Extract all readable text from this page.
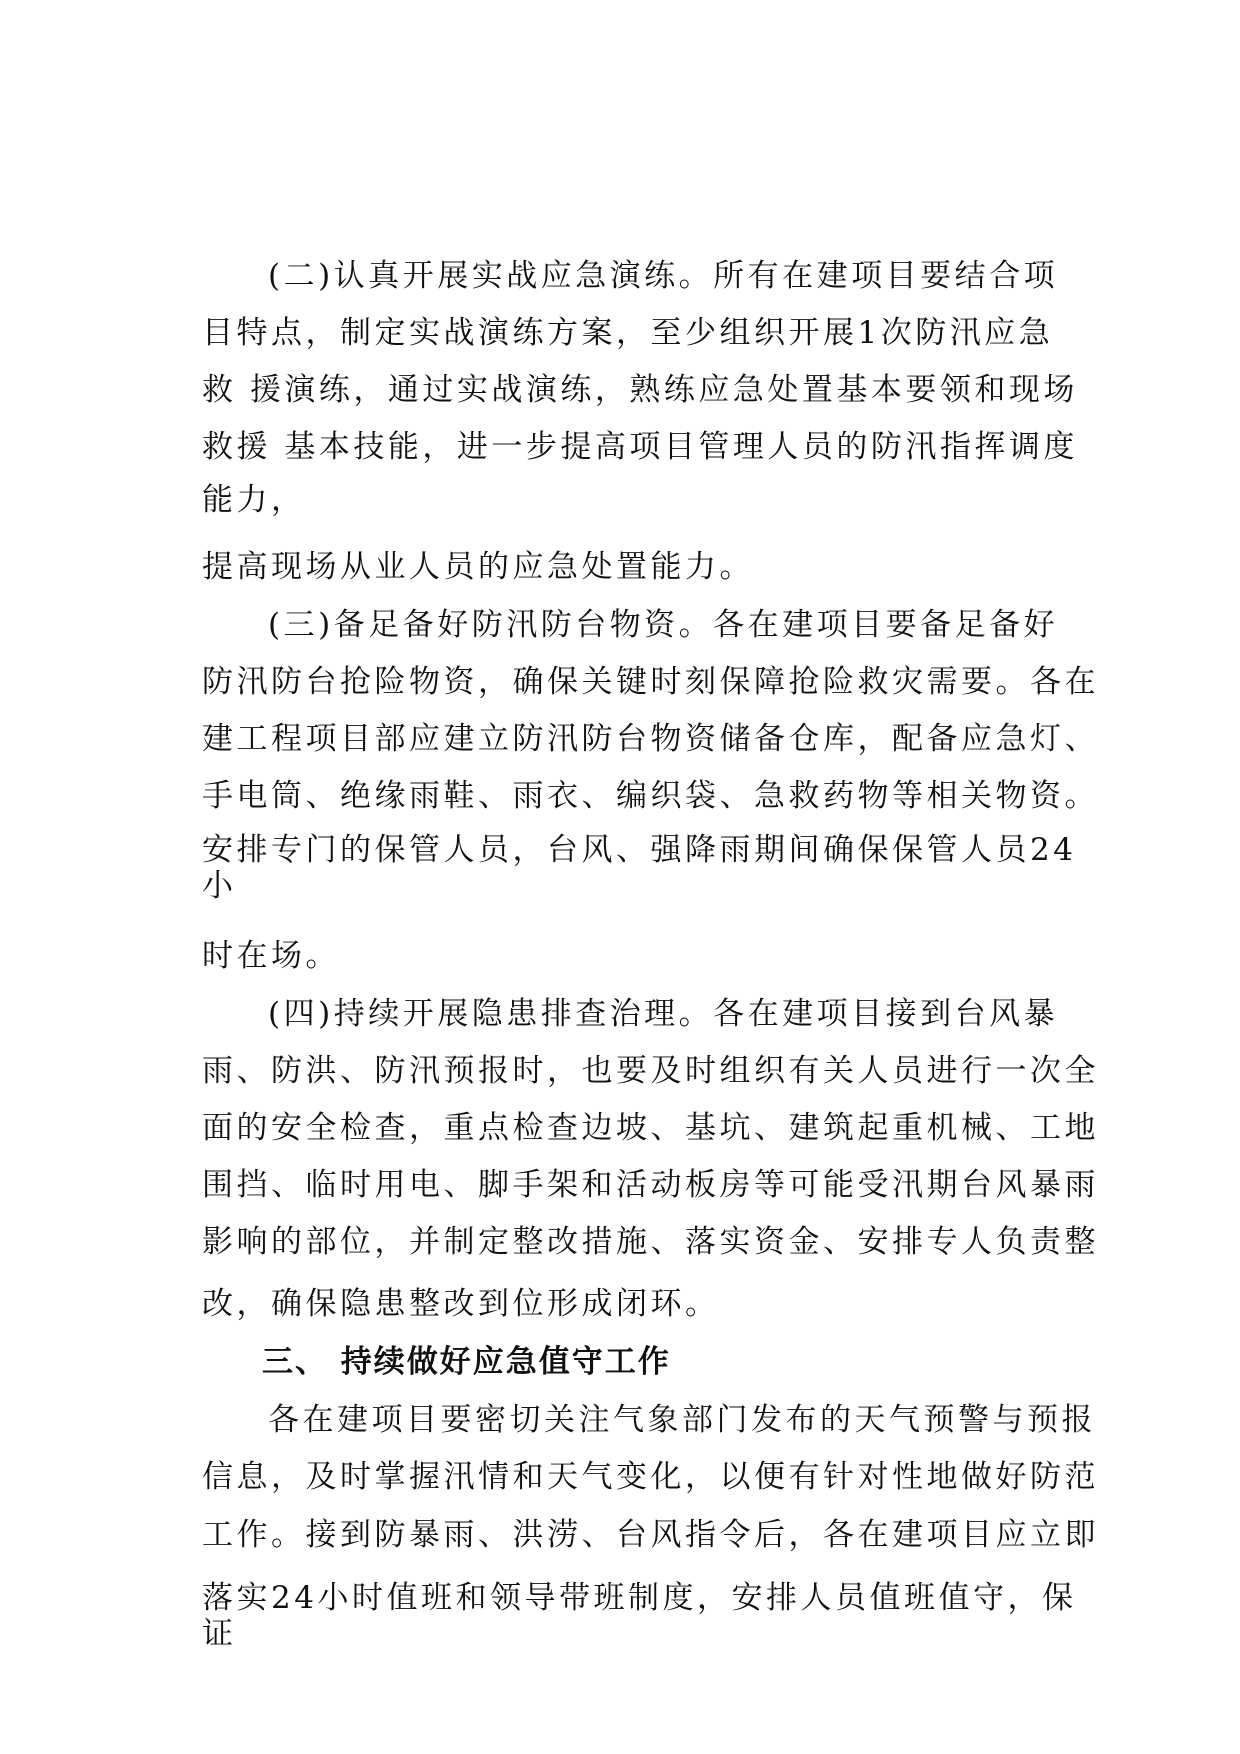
(二)认真开展实战应急演练。所有在建项目要结合项
目特点，制定实战演练方案，至少组织开展1次防汛应急
救 援演练，通过实战演练，熟练应急处置基本要领和现场
救援 基本技能，进一步提高项目管理人员的防汛指挥调度
能力，
提高现场从业人员的应急处置能力。
(三)备足备好防汛防台物资。各在建项目要备足备好
防汛防台抢险物资，确保关键时刻保障抢险救灾需要。各在
建工程项目部应建立防汛防台物资储备仓库，配备应急灯、
手电筒、绝缘雨鞋、雨衣、编织袋、急救药物等相关物资。
安排专门的保管人员，台风、强降雨期间确保保管人员24
小
时在场。
(四)持续开展隐患排查治理。各在建项目接到台风暴
雨、防洪、防汛预报时，也要及时组织有关人员进行一次全
面的安全检查，重点检查边坡、基坑、建筑起重机械、工地
围挡、临时用电、脚手架和活动板房等可能受汛期台风暴雨
影响的部位，并制定整改措施、落实资金、安排专人负责整
改，确保隐患整改到位形成闭环。
三、 持续做好应急值守工作
各在建项目要密切关注气象部门发布的天气预警与预报
信息，及时掌握汛情和天气变化，以便有针对性地做好防范
工作。接到防暴雨、洪涝、台风指令后，各在建项目应立即
落实24小时值班和领导带班制度，安排人员值班值守，保
证
